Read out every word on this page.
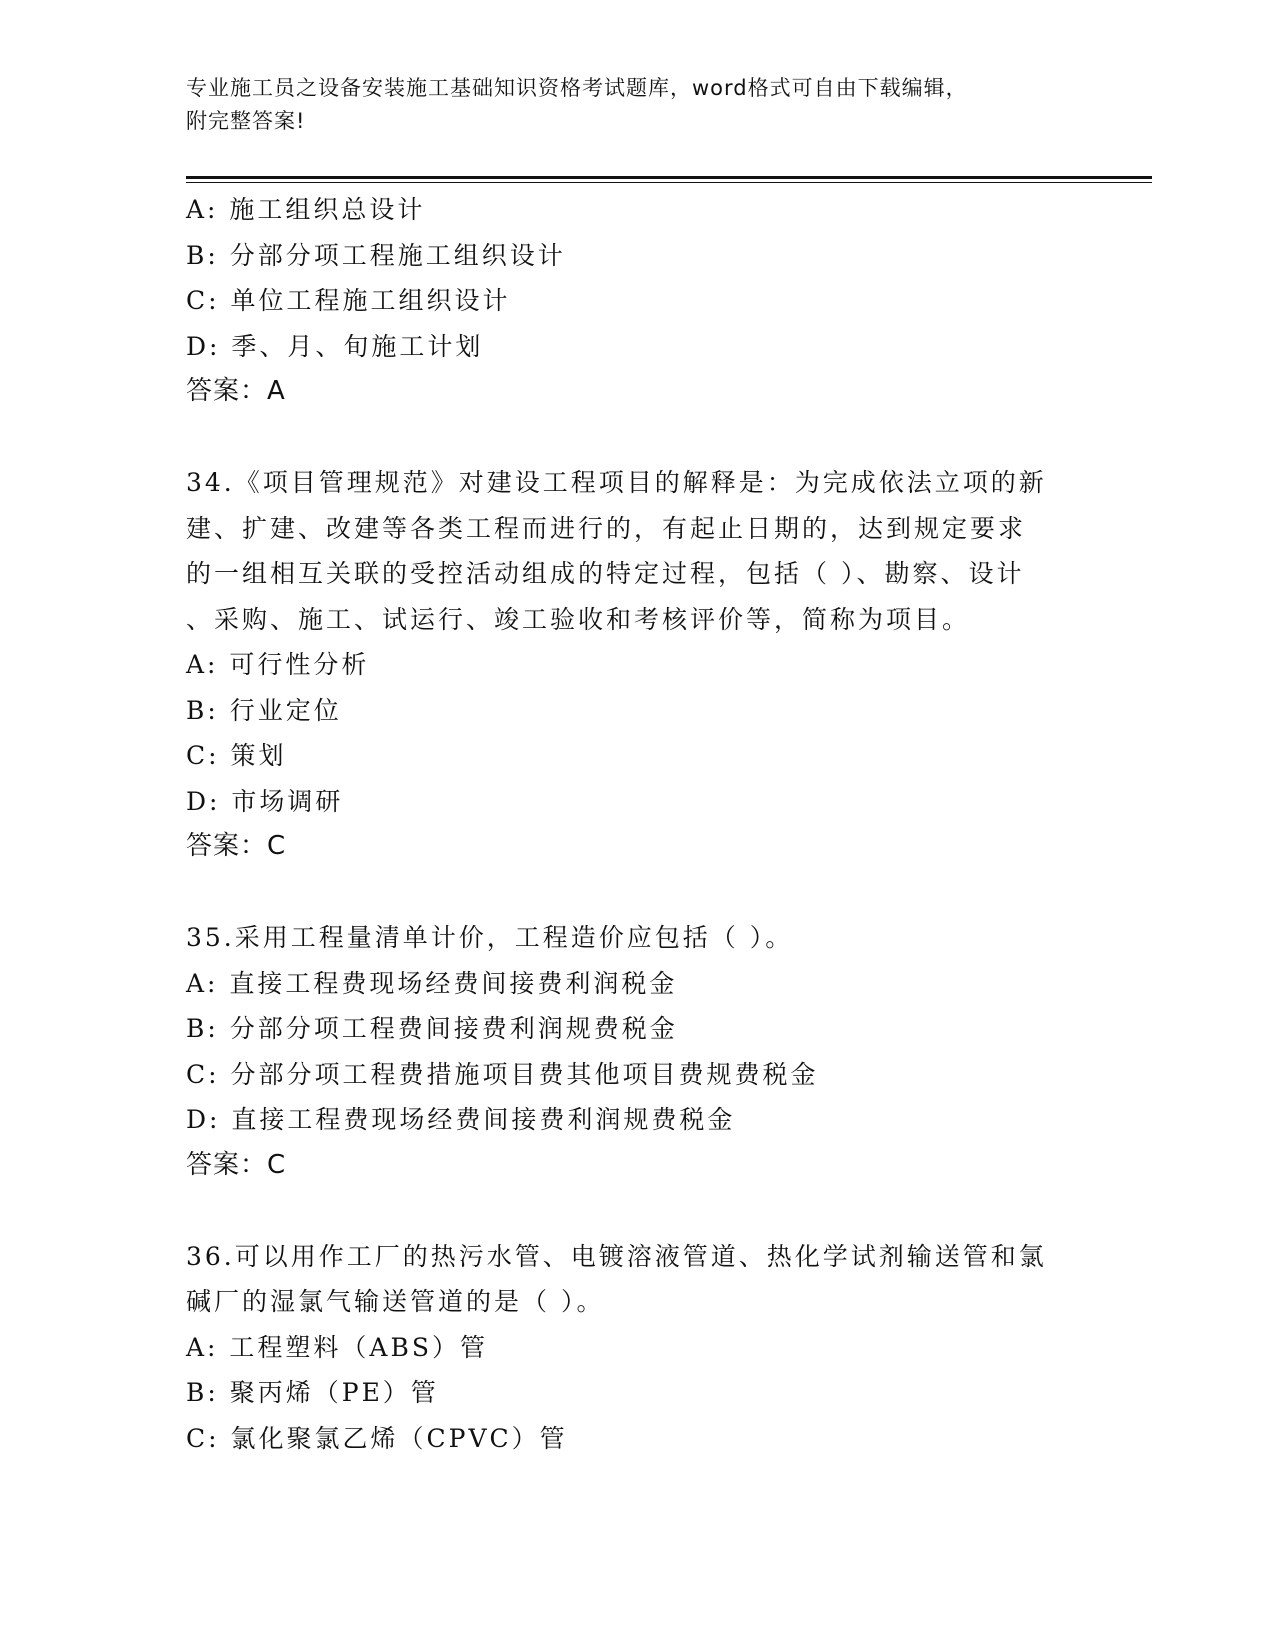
专业施工员之设备安装施工基础知识资格考试题库，word格式可自由下载编辑，
附完整答案!
A: 施工组织总设计
B: 分部分项工程施工组织设计
C: 单位工程施工组织设计
D: 季、月、旬施工计划
答案：A
34.《项目管理规范》对建设工程项目的解释是：为完成依法立项的新
建、扩建、改建等各类工程而进行的，有起止日期的，达到规定要求
的一组相互关联的受控活动组成的特定过程，包括（ ）、勘察、设计
、采购、施工、试运行、竣工验收和考核评价等，简称为项目。
A: 可行性分析
B: 行业定位
C: 策划
D: 市场调研
答案：C
35.采用工程量清单计价，工程造价应包括（ ）。
A: 直接工程费现场经费间接费利润税金
B: 分部分项工程费间接费利润规费税金
C: 分部分项工程费措施项目费其他项目费规费税金
D: 直接工程费现场经费间接费利润规费税金
答案：C
36.可以用作工厂的热污水管、电镀溶液管道、热化学试剂输送管和氯
碱厂的湿氯气输送管道的是（ ）。
A: 工程塑料（ABS）管
B: 聚丙烯（PE）管
C: 氯化聚氯乙烯（CPVC）管
